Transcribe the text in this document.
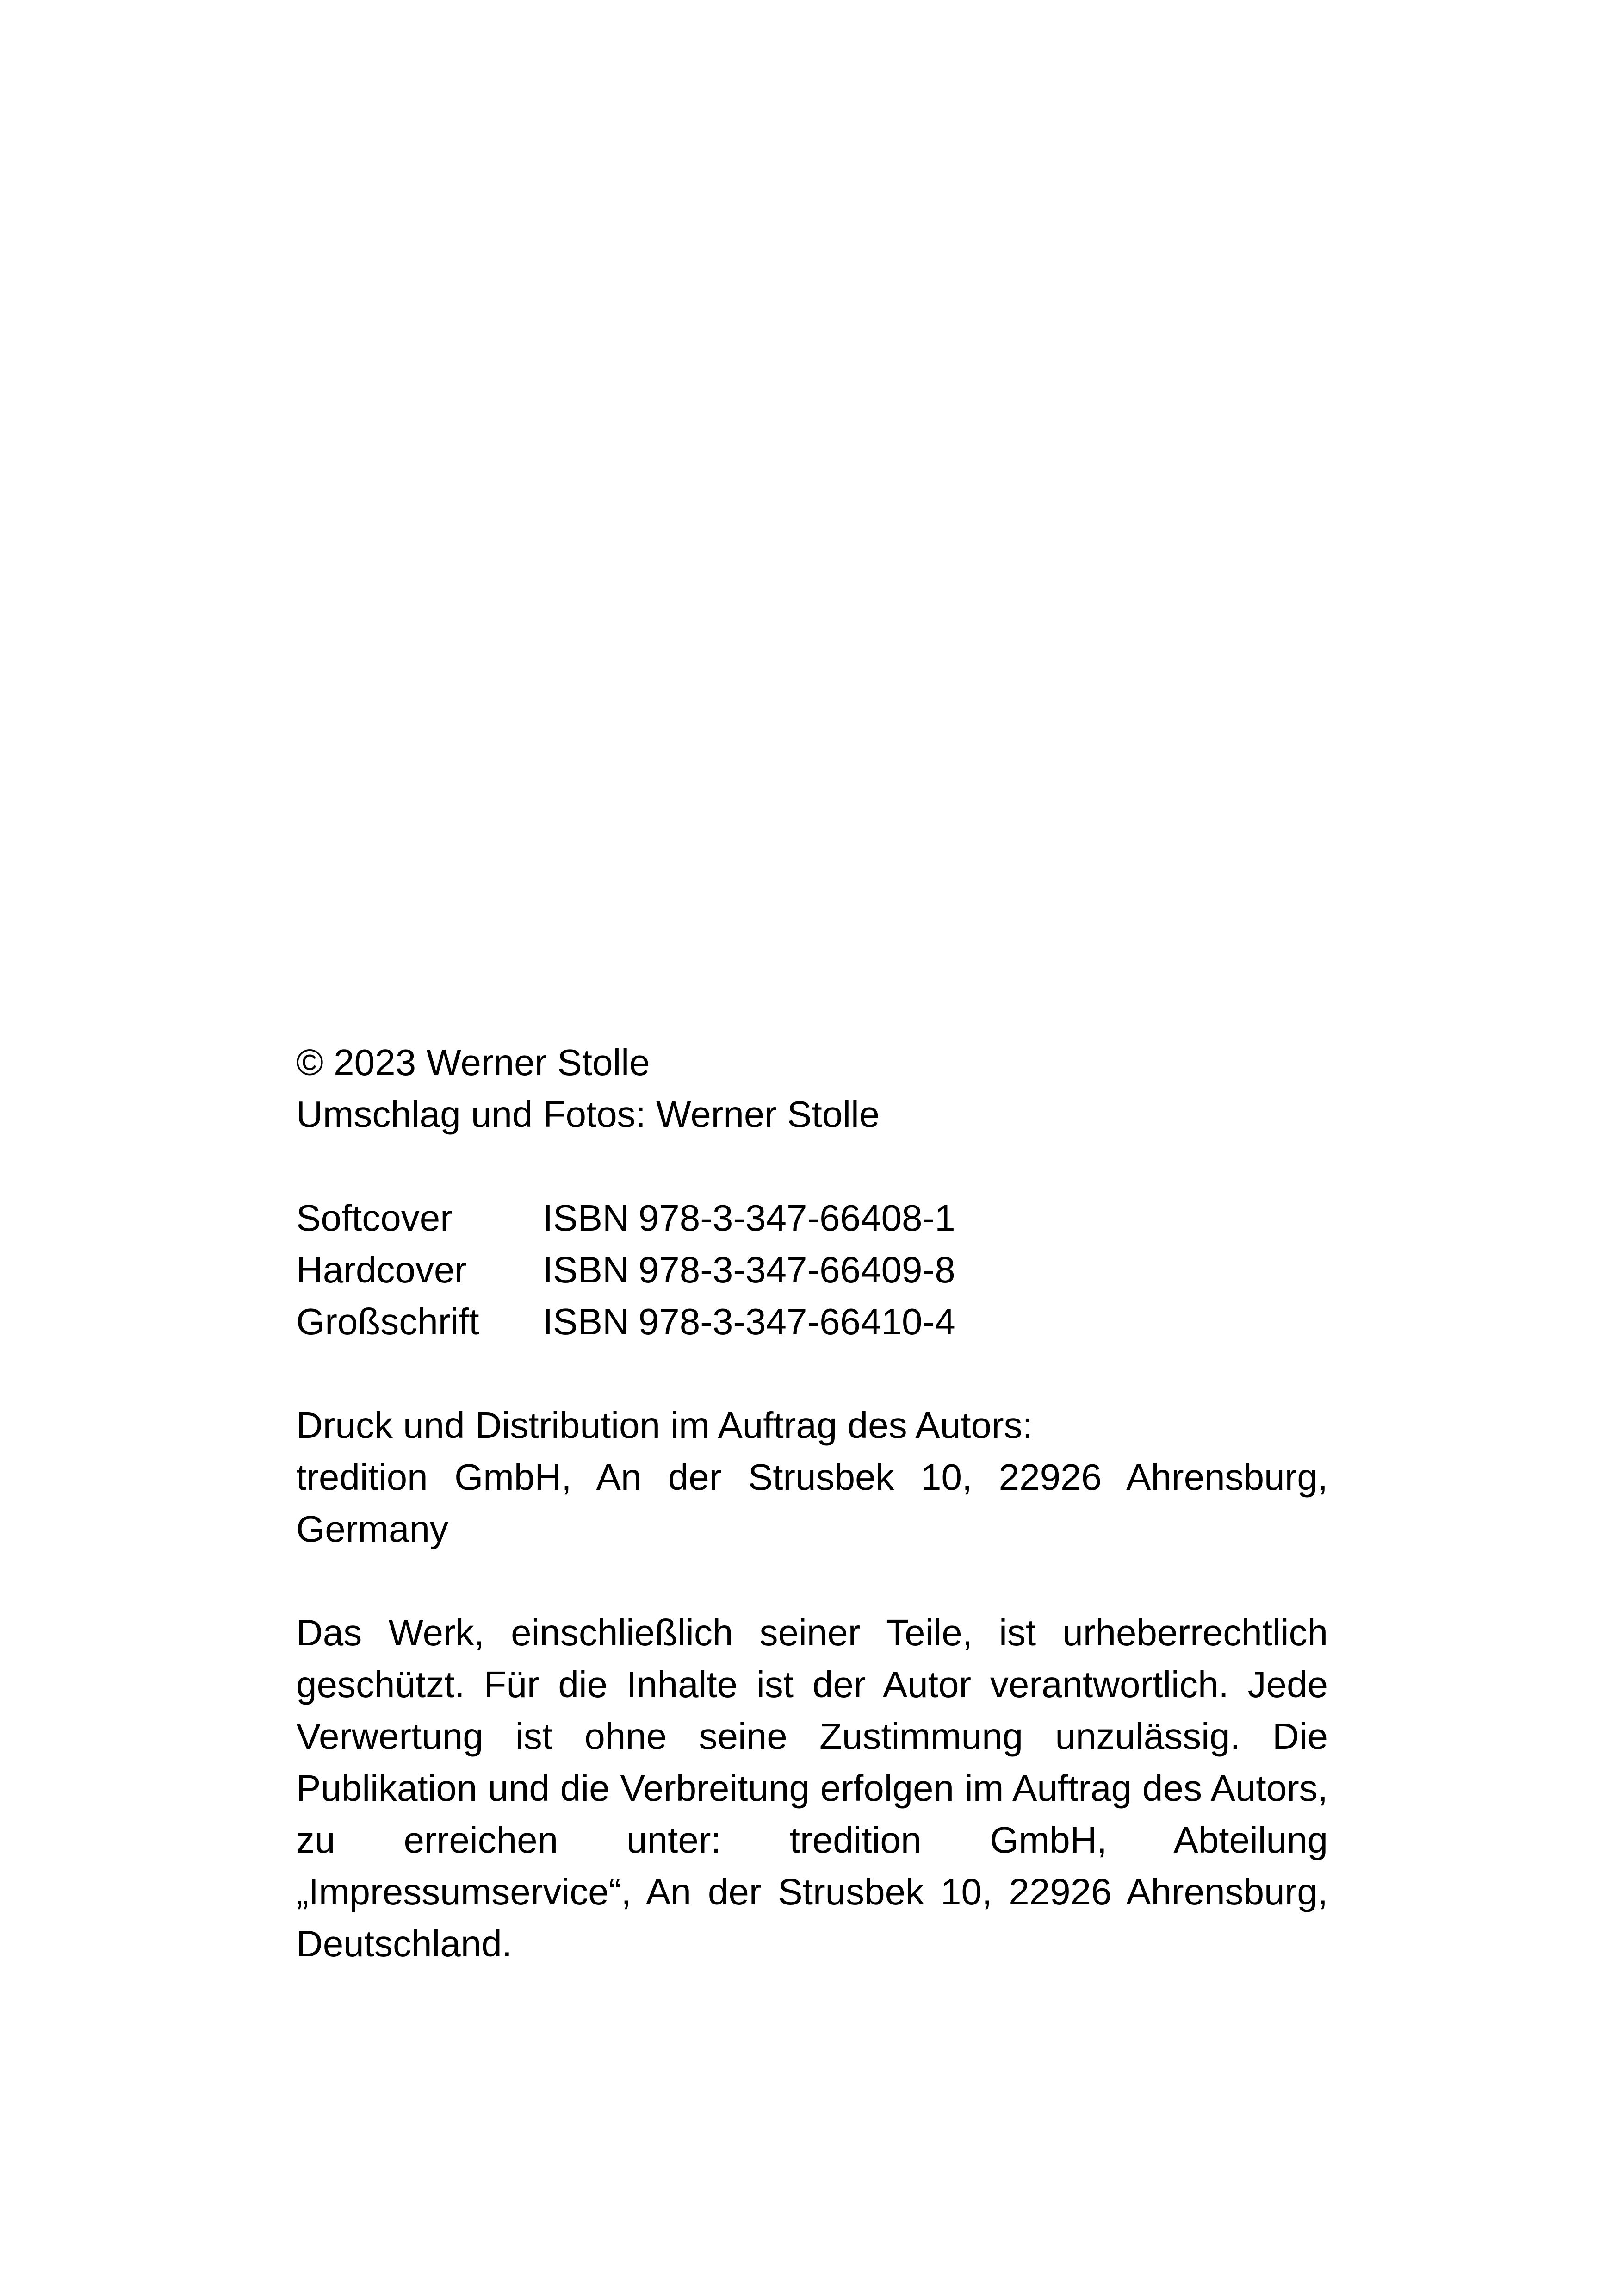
© 2023 Werner Stolle
Umschlag und Fotos: Werner Stolle
Softcover	ISBN 978-3-347-66408-1
Hardcover	ISBN 978-3-347-66409-8
Großschrift	ISBN 978-3-347-66410-4
Druck und Distribution im Auftrag des Autors:
tredition GmbH, An der Strusbek 10, 22926 Ahrensburg, Germany
Das Werk, einschließlich seiner Teile, ist urheberrechtlich geschützt. Für die Inhalte ist der Autor verantwortlich. Jede Verwertung ist ohne seine Zustimmung unzulässig. Die Publikation und die Verbreitung erfolgen im Auftrag des Autors, zu erreichen unter: tredition GmbH, Abteilung „Impressumservice“, An der Strusbek 10, 22926 Ahrensburg, Deutschland.
